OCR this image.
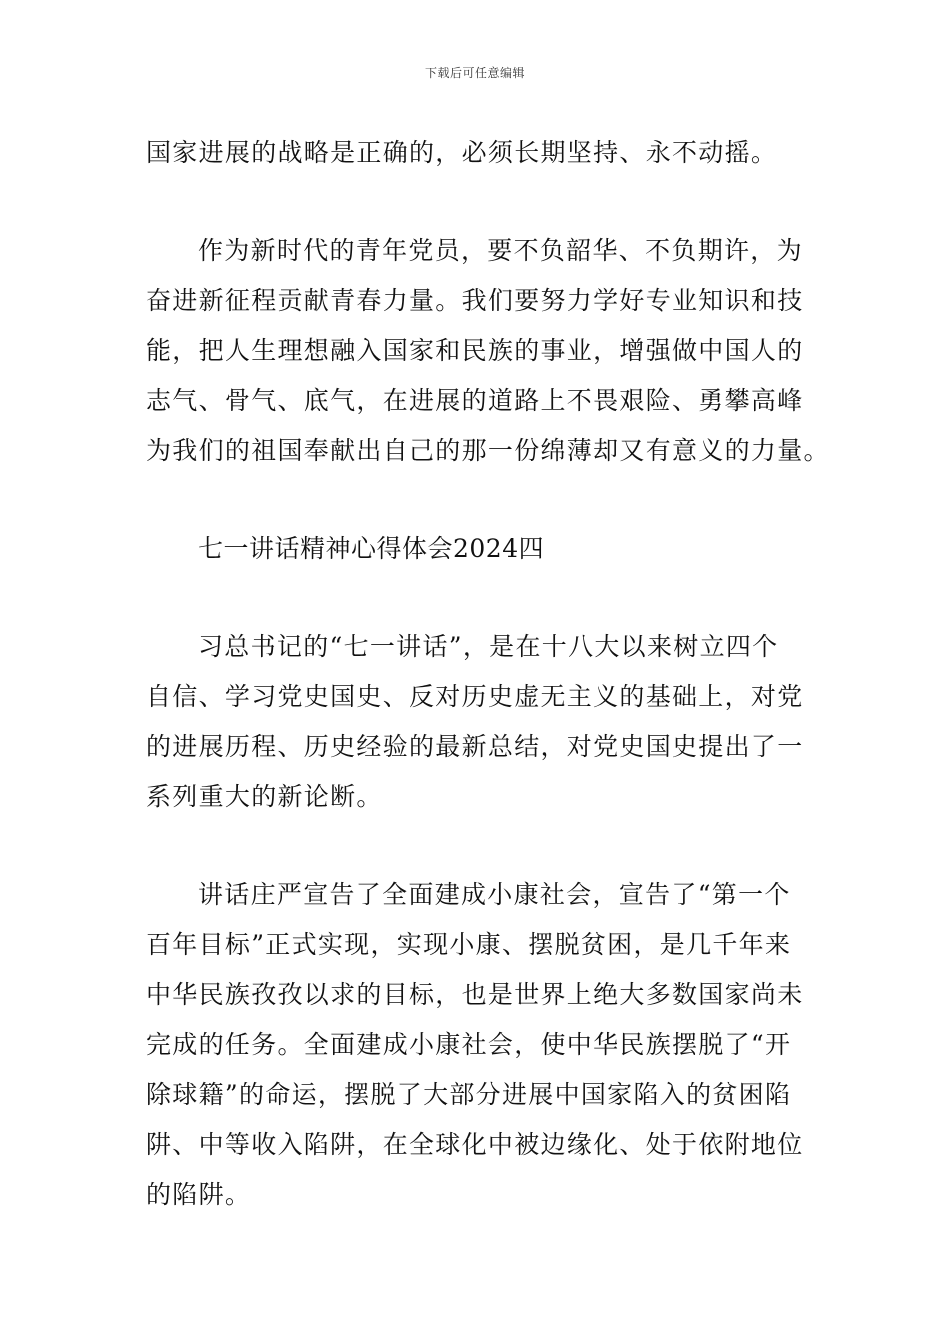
下载后可任意编辑
国家进展的战略是正确的，必须长期坚持、永不动摇。
作为新时代的青年党员，要不负韶华、不负期许，为
奋进新征程贡献青春力量。我们要努力学好专业知识和技
能，把人生理想融入国家和民族的事业，增强做中国人的
志气、骨气、底气，在进展的道路上不畏艰险、勇攀高峰
为我们的祖国奉献出自己的那一份绵薄却又有意义的力量。
七一讲话精神心得体会2024四
习总书记的“七一讲话”，是在十八大以来树立四个
自信、学习党史国史、反对历史虚无主义的基础上，对党
的进展历程、历史经验的最新总结，对党史国史提出了一
系列重大的新论断。
讲话庄严宣告了全面建成小康社会，宣告了“第一个
百年目标”正式实现，实现小康、摆脱贫困，是几千年来
中华民族孜孜以求的目标，也是世界上绝大多数国家尚未
完成的任务。全面建成小康社会，使中华民族摆脱了“开
除球籍”的命运，摆脱了大部分进展中国家陷入的贫困陷
阱、中等收入陷阱，在全球化中被边缘化、处于依附地位
的陷阱。
